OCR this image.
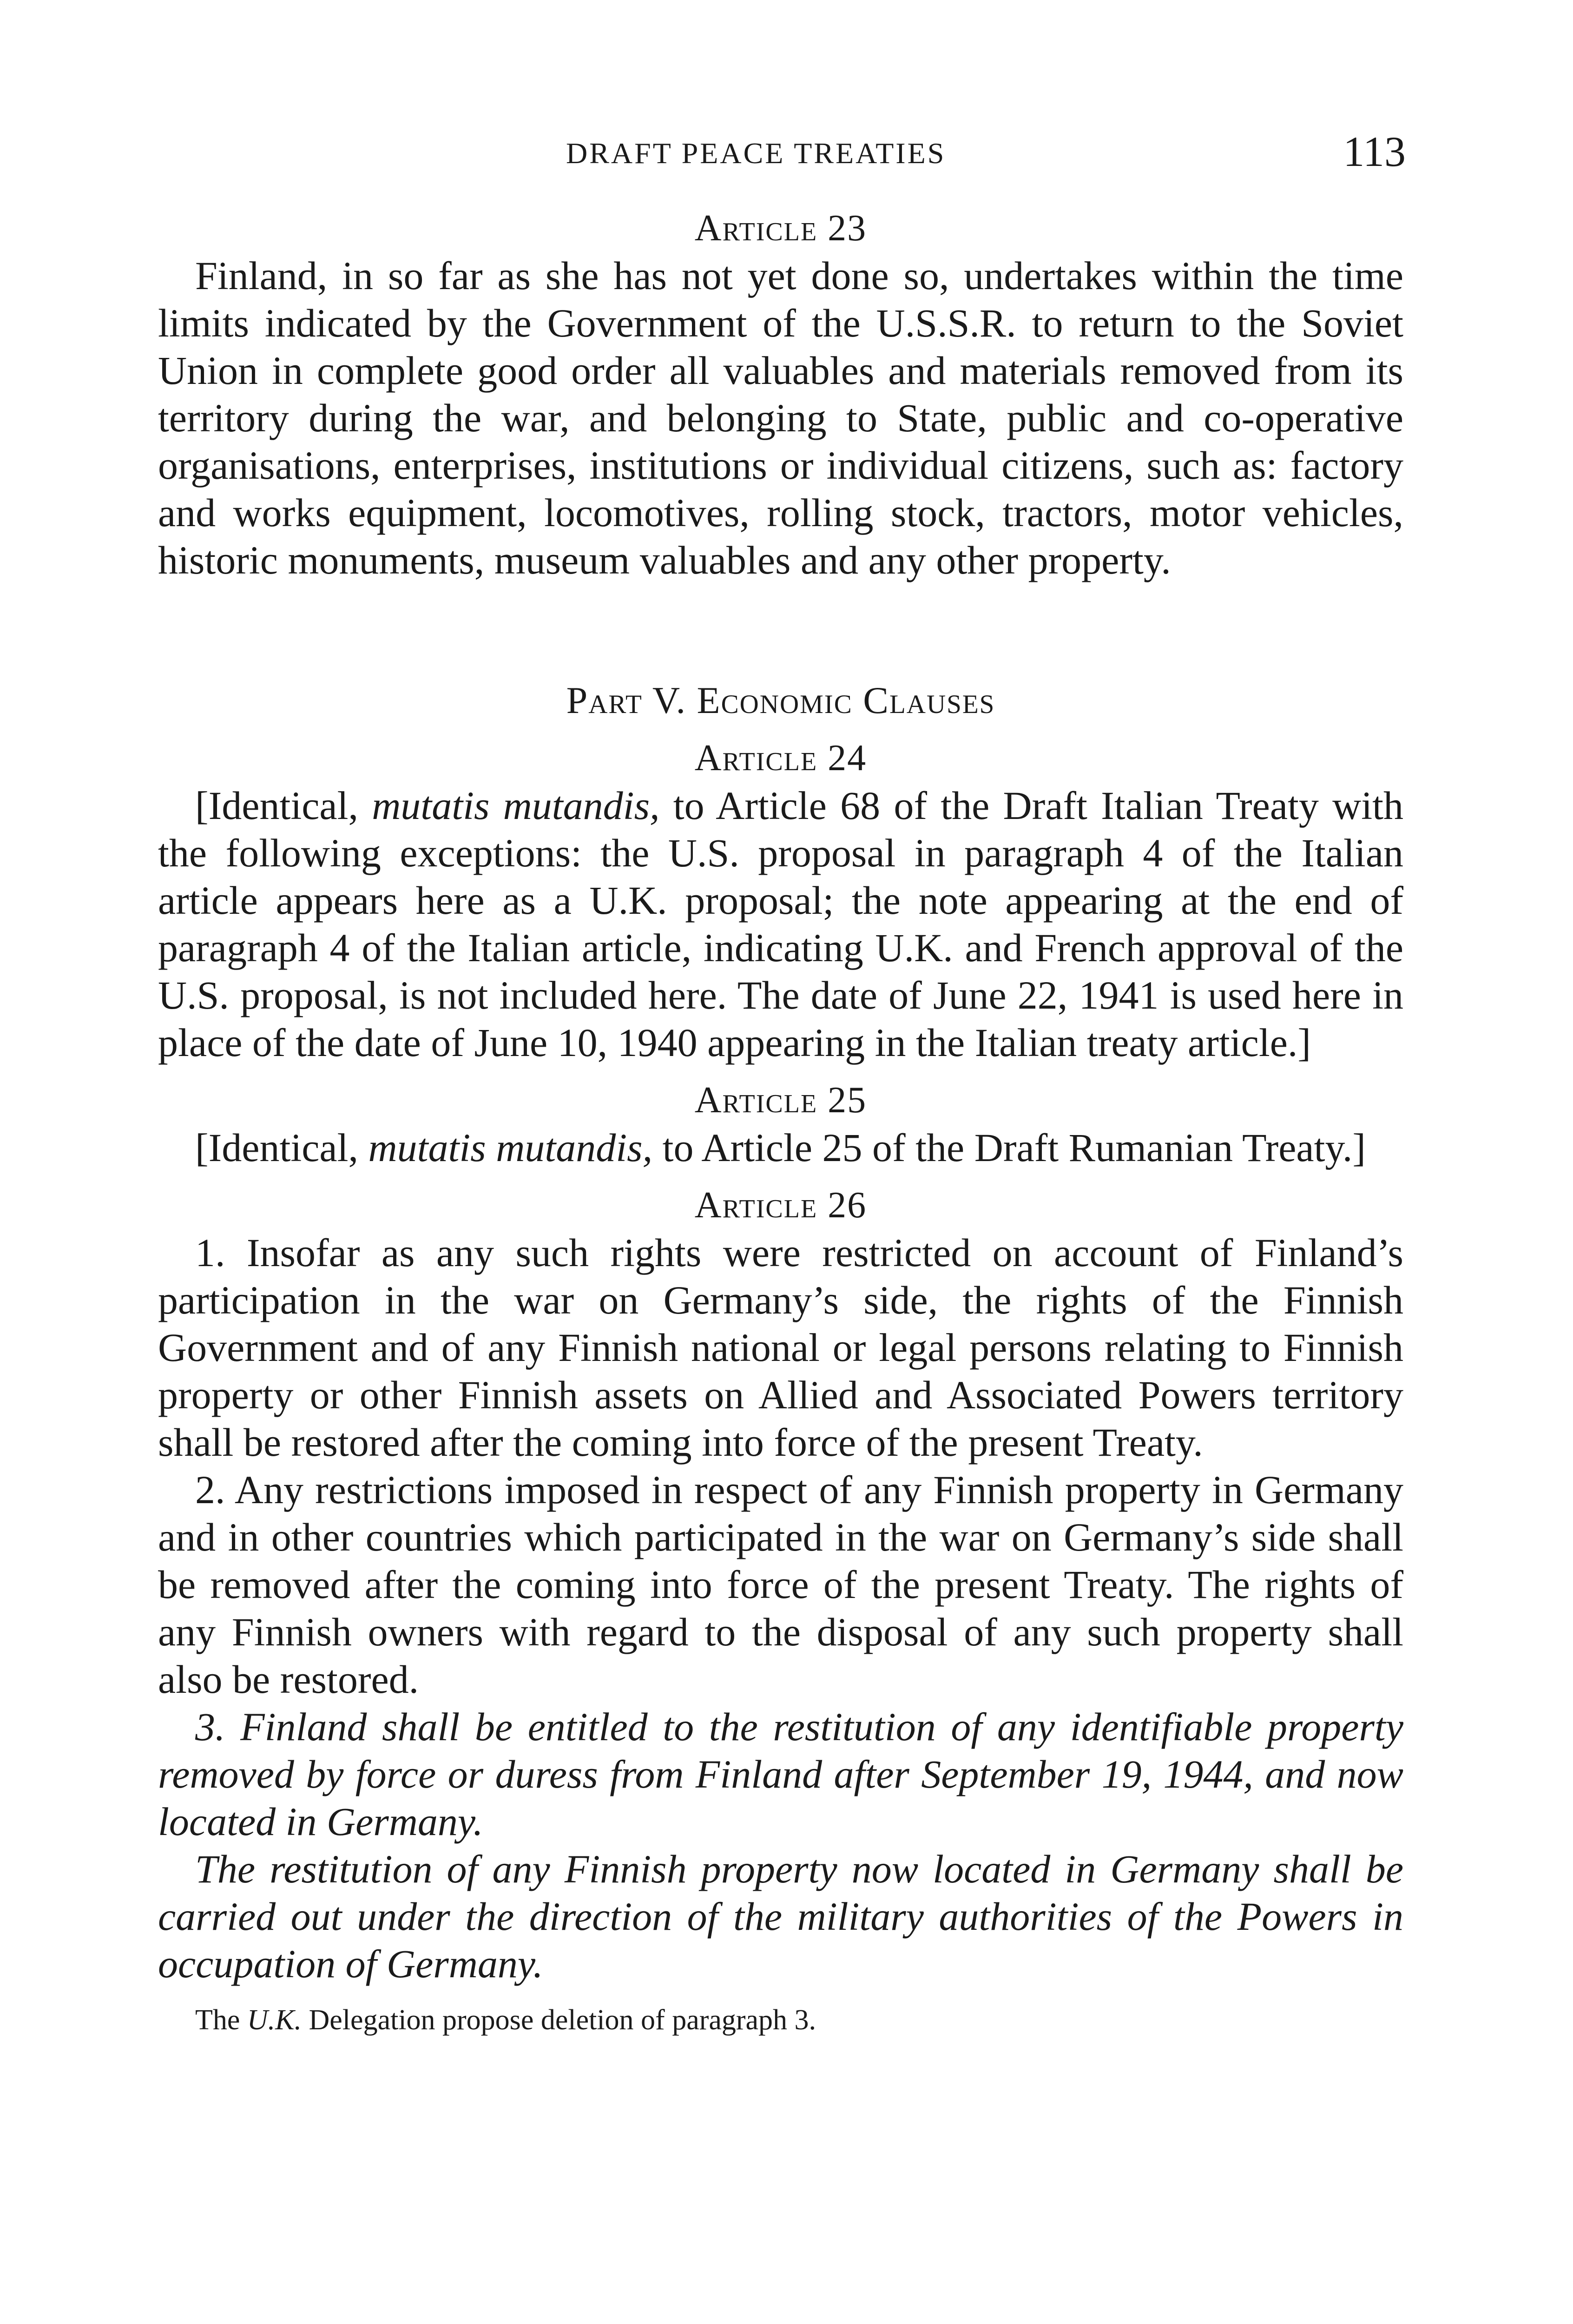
DRAFT PEACE TREATIES	113
Article 23

Finland, in so far as she has not yet done so, undertakes within the time limits indicated by the Government of the U.S.S.R. to return to the Soviet Union in complete good order all valuables and materials removed from its territory during the war, and belonging to State, public and co-operative organisations, enterprises, institutions or individual citizens, such as: factory and works equipment, locomotives, rolling stock, tractors, motor vehicles, historic monuments, museum valuables and any other property.

Part V. Economic Clauses
Article 24

[Identical, mutatis mutandis, to Article 68 of the Draft Italian Treaty with the following exceptions: the U.S. proposal in paragraph 4 of the Italian article appears here as a U.K. proposal; the note appearing at the end of paragraph 4 of the Italian article, indicating U.K. and French approval of the U.S. proposal, is not included here. The date of June 22, 1941 is used here in place of the date of June 10, 1940 appearing in the Italian treaty article.]

Article 25

[Identical, mutatis mutandis, to Article 25 of the Draft Rumanian Treaty.]

Article 26

1. Insofar as any such rights were restricted on account of Finland’s participation in the war on Germany’s side, the rights of the Finnish Government and of any Finnish national or legal persons relating to Finnish property or other Finnish assets on Allied and Associated Powers territory shall be restored after the coming into force of the present Treaty.

2. Any restrictions imposed in respect of any Finnish property in Germany and in other countries which participated in the war on Germany’s side shall be removed after the coming into force of the present Treaty. The rights of any Finnish owners with regard to the disposal of any such property shall also be restored.

3. Finland shall be entitled to the restitution of any identifiable property removed by force or duress from Finland after September 19, 1944, and now located in Germany.

The restitution of any Finnish property now located in Germany shall be carried out under the direction of the military authorities of the Powers in occupation of Germany.

The U.K. Delegation propose deletion of paragraph 3.
